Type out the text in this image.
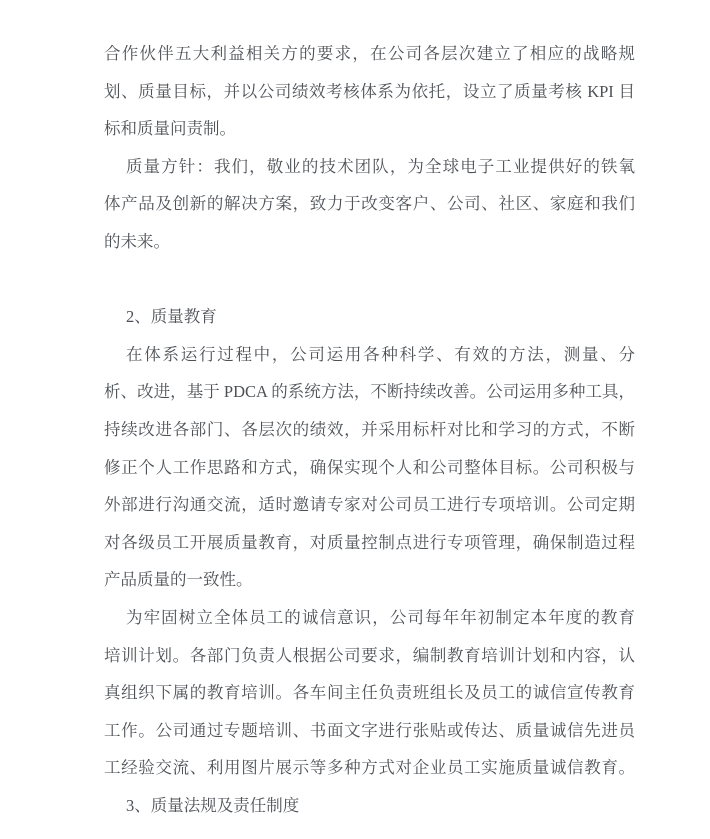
合作伙伴五大利益相关方的要求，在公司各层次建立了相应的战略规
划、质量目标，并以公司绩效考核体系为依托，设立了质量考核 KPI 目
标和质量问责制。
质量方针：我们，敬业的技术团队，为全球电子工业提供好的铁氧
体产品及创新的解决方案，致力于改变客户、公司、社区、家庭和我们
的未来。
2、质量教育
在体系运行过程中，公司运用各种科学、有效的方法，测量、分
析、改进，基于 PDCA 的系统方法，不断持续改善。公司运用多种工具，
持续改进各部门、各层次的绩效，并采用标杆对比和学习的方式，不断
修正个人工作思路和方式，确保实现个人和公司整体目标。公司积极与
外部进行沟通交流，适时邀请专家对公司员工进行专项培训。公司定期
对各级员工开展质量教育，对质量控制点进行专项管理，确保制造过程
产品质量的一致性。
为牢固树立全体员工的诚信意识，公司每年年初制定本年度的教育
培训计划。各部门负责人根据公司要求，编制教育培训计划和内容，认
真组织下属的教育培训。各车间主任负责班组长及员工的诚信宣传教育
工作。公司通过专题培训、书面文字进行张贴或传达、质量诚信先进员
工经验交流、利用图片展示等多种方式对企业员工实施质量诚信教育。
3、质量法规及责任制度
